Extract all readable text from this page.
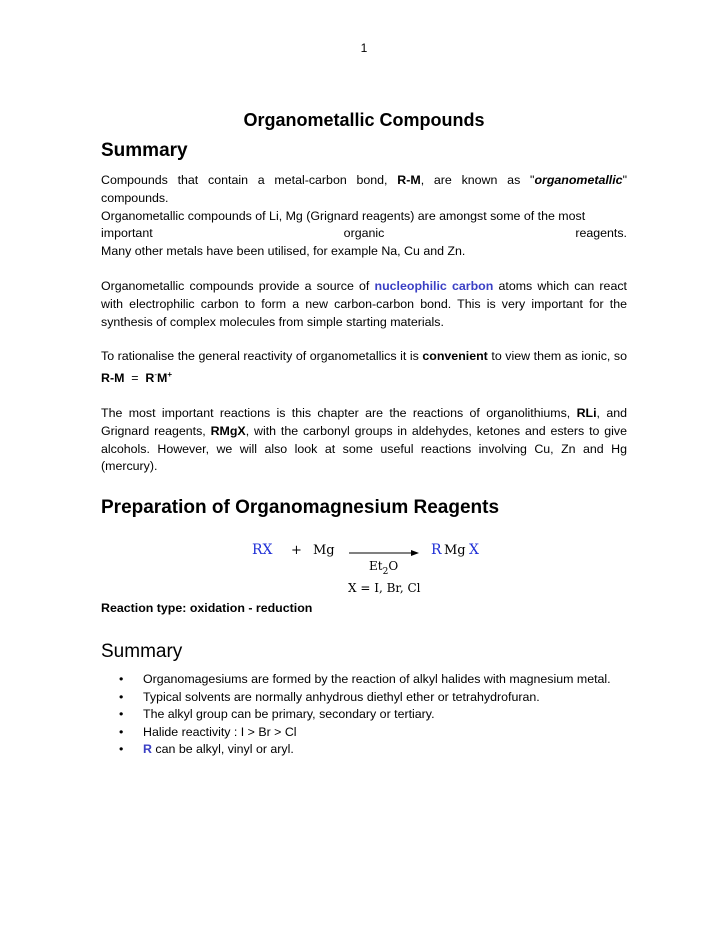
1
Organometallic Compounds
Summary

Compounds that contain a metal-carbon bond, R-M, are known as "organometallic" compounds.

Organometallic compounds of Li, Mg (Grignard reagents) are amongst some of the most

important	organic	reagents.

Many other metals have been utilised, for example Na, Cu and Zn.

Organometallic compounds provide a source of nucleophilic carbon atoms which can react with electrophilic carbon to form a new carbon-carbon bond. This is very important for the synthesis of complex molecules from simple starting materials.

To rationalise the general reactivity of organometallics it is convenient to view them as ionic, so R-M  =  R-M+

The most important reactions is this chapter are the reactions of organolithiums, RLi, and Grignard reagents, RMgX, with the carbonyl groups in aldehydes, ketones and esters to give alcohols. However, we will also look at some useful reactions involving Cu, Zn and Hg (mercury).

Preparation of Organomagnesium Reagents
RX + Mg
$Et_2O$
R Mg X
X = I, Br, Cl

Reaction type: oxidation - reduction

Summary
• Organomagesiums are formed by the reaction of alkyl halides with magnesium metal.
• Typical solvents are normally anhydrous diethyl ether or tetrahydrofuran.
• The alkyl group can be primary, secondary or tertiary.
• Halide reactivity : I > Br > Cl
• R can be alkyl, vinyl or aryl.
